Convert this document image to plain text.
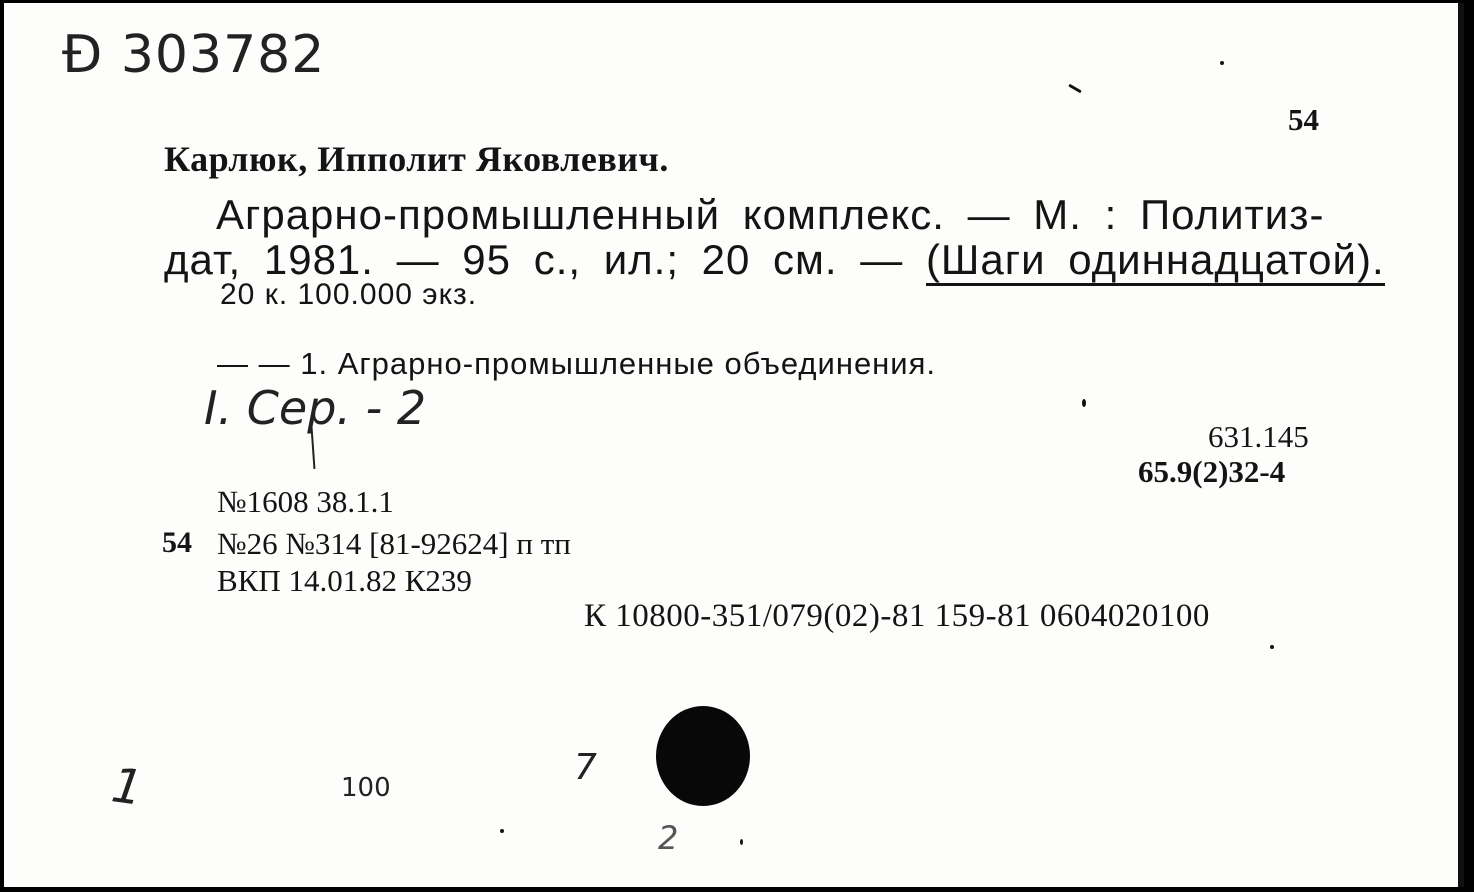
Ð 303782
54
Карлюк, Ипполит Яковлевич.
Аграрно-промышленный комплекс. — М. : Политиз-
дат, 1981. — 95 с., ил.; 20 см. — (Шаги одиннадцатой).
20 к. 100.000 экз.
— — 1. Аграрно-промышленные объединения.
I. Сер. - 2
631.145
65.9(2)32-4
№1608 38.1.1
54 №26 №314 [81-92624] п тп
ВКП 14.01.82 К239
К 10800-351/079(02)-81 159-81 0604020100
1	100	7
2
